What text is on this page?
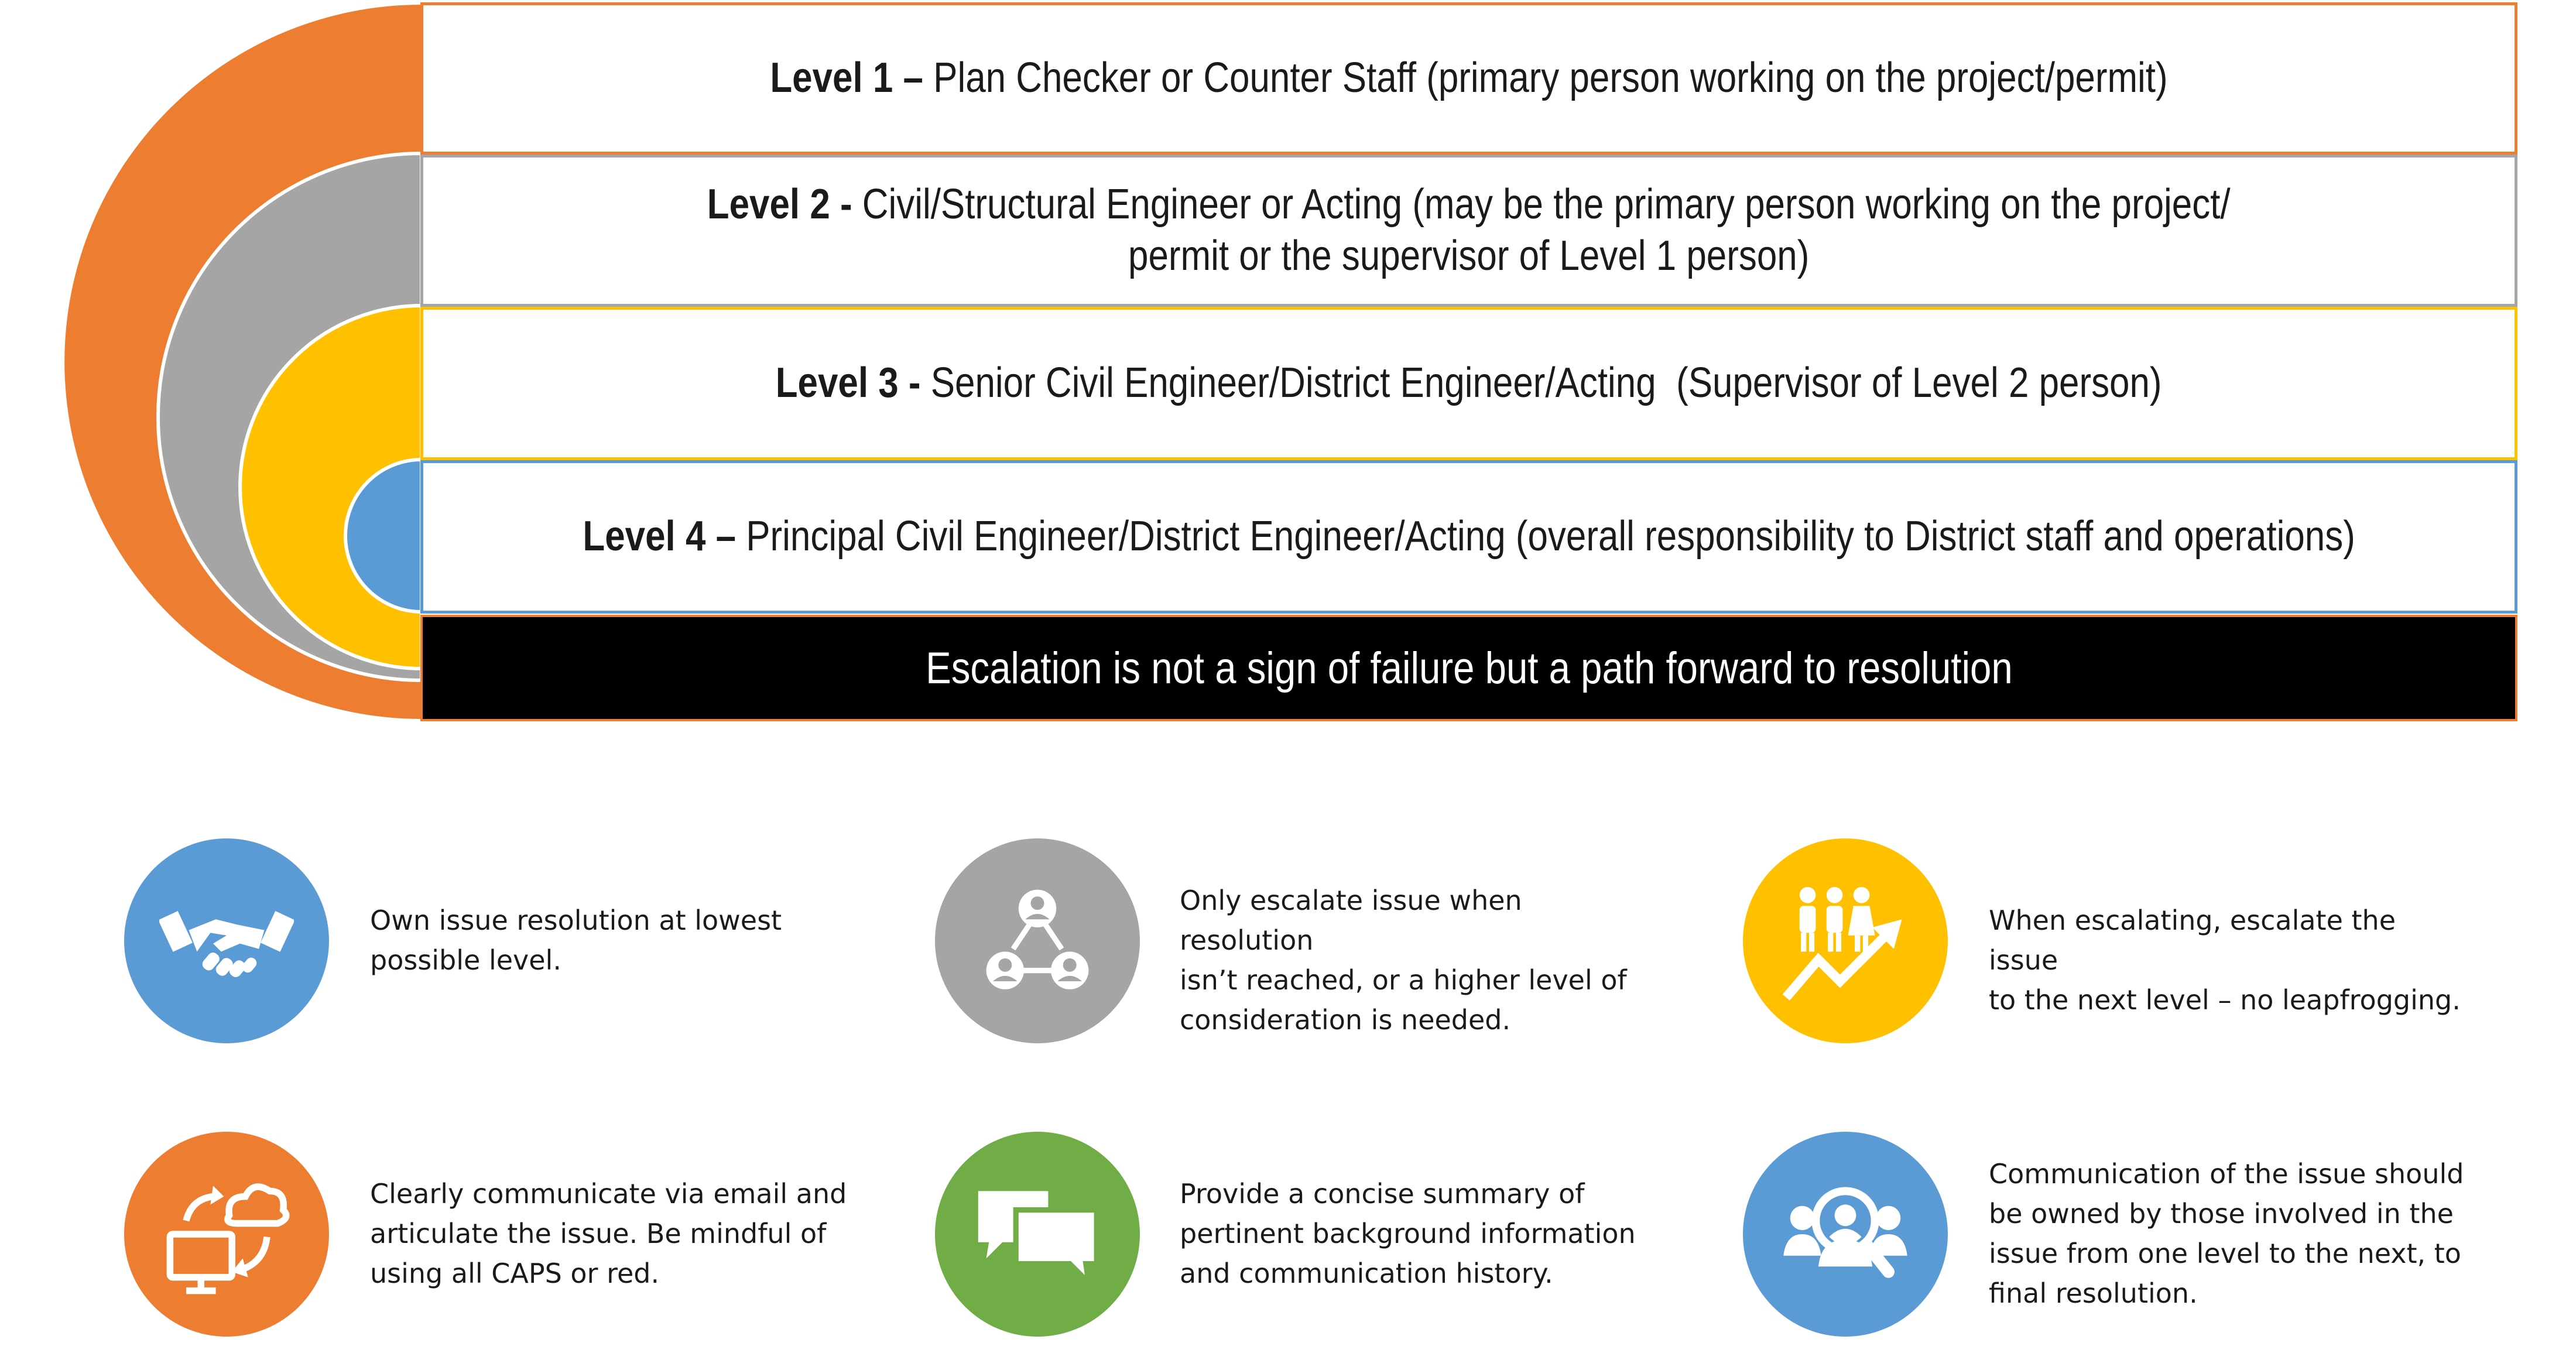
Level 1 – Plan Checker or Counter Staff (primary person working on the project/permit)
Level 2 - Civil/Structural Engineer or Acting (may be the primary person working on the project/
permit or the supervisor of Level 1 person)
Level 3 - Senior Civil Engineer/District Engineer/Acting  (Supervisor of Level 2 person)
Level 4 – Principal Civil Engineer/District Engineer/Acting (overall responsibility to District staff and operations)
Escalation is not a sign of failure but a path forward to resolution
Own issue resolution at lowest
possible level.
Only escalate issue when resolution
isn’t reached, or a higher level of
consideration is needed.
When escalating, escalate the issue
to the next level – no leapfrogging.
Clearly communicate via email and
articulate the issue. Be mindful of
using all CAPS or red.
Provide a concise summary of
pertinent background information
and communication history.
Communication of the issue should
be owned by those involved in the
issue from one level to the next, to
final resolution.
